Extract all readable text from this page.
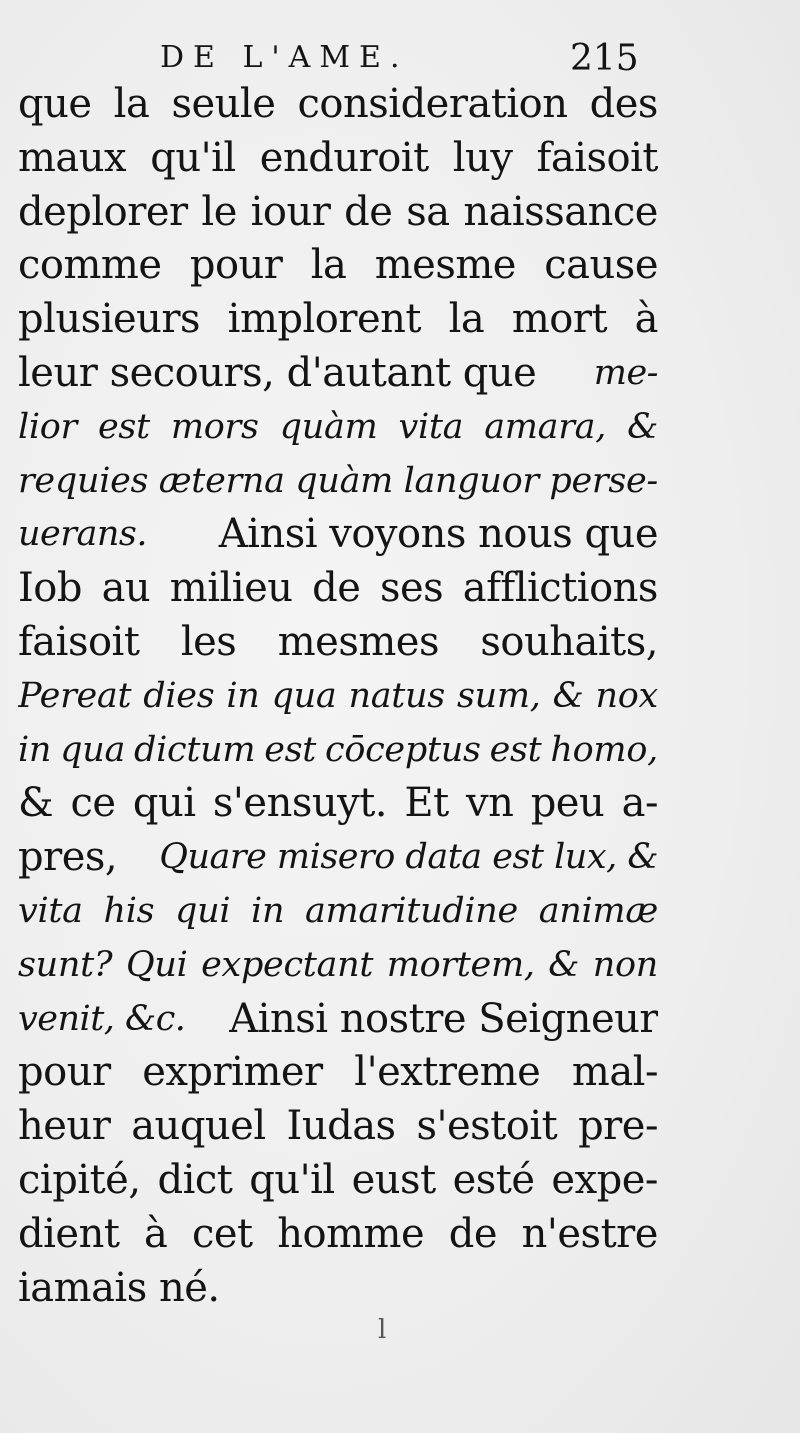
DE L'AME.	215
que la seule consideration des
maux qu'il enduroit luy faisoit
deplorer le iour de sa naissance
comme pour la mesme cause
plusieurs implorent la mort à
leur secours, d'autant que me-
lior est mors quàm vita amara, &
requies æterna quàm languor perse-
uerans. Ainsi voyons nous que
Iob au milieu de ses afflictions
faisoit les mesmes souhaits,
Pereat dies in qua natus sum, & nox
in qua dictum est cōceptus est homo,
& ce qui s'ensuyt. Et vn peu a-
pres, Quare misero data est lux, &
vita his qui in amaritudine animæ
sunt? Qui expectant mortem, & non
venit, &c. Ainsi nostre Seigneur
pour exprimer l'extreme mal-
heur auquel Iudas s'estoit pre-
cipité, dict qu'il eust esté expe-
dient à cet homme de n'estre
iamais né.
l
